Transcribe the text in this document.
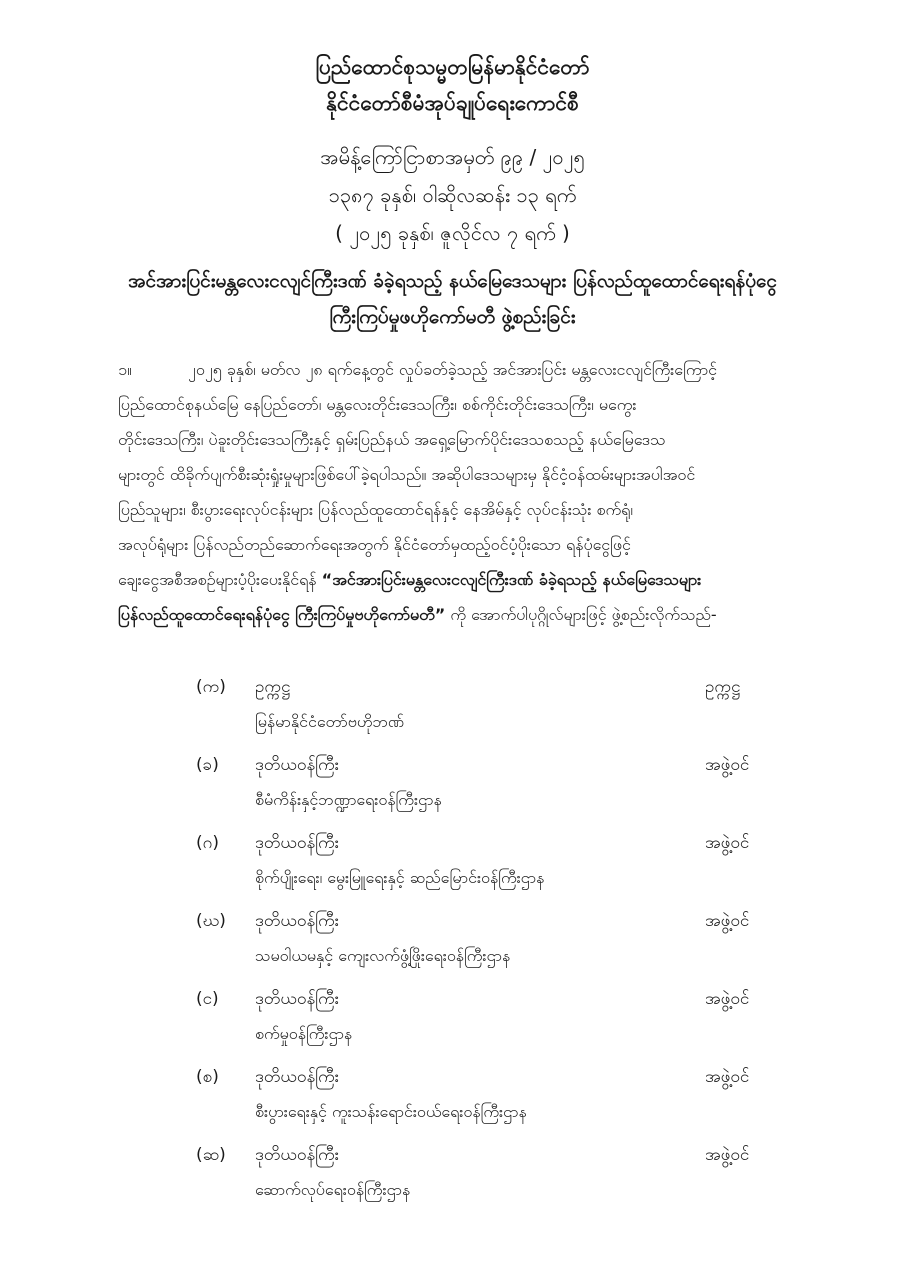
ပြည်ထောင်စုသမ္မတမြန်မာနိုင်ငံတော်
နိုင်ငံတော်စီမံအုပ်ချုပ်ရေးကောင်စီ
အမိန့်ကြော်ငြာစာအမှတ် ၉၉ / ၂၀၂၅
၁၃၈၇ ခုနှစ်၊ ဝါဆိုလဆန်း ၁၃ ရက်
( ၂၀၂၅ ခုနှစ်၊ ဇူလိုင်လ ၇ ရက် )
အင်အားပြင်းမန္တလေးငလျင်ကြီးဒဏ် ခံခဲ့ရသည့် နယ်မြေဒေသများ ပြန်လည်ထူထောင်ရေးရန်ပုံငွေ
ကြီးကြပ်မှုဖဟိုကော်မတီ ဖွဲ့စည်းခြင်း
၁။	၂၀၂၅ ခုနှစ်၊ မတ်လ ၂၈ ရက်နေ့တွင် လှုပ်ခတ်ခဲ့သည့် အင်အားပြင်း မန္တလေးငလျင်ကြီးကြောင့်
ပြည်ထောင်စုနယ်မြေ နေပြည်တော်၊ မန္တလေးတိုင်းဒေသကြီး၊ စစ်ကိုင်းတိုင်းဒေသကြီး၊ မကွေး
တိုင်းဒေသကြီး၊ ပဲခူးတိုင်းဒေသကြီးနှင့် ရှမ်းပြည်နယ် အရှေ့မြောက်ပိုင်းဒေသစသည့် နယ်မြေဒေသ
များတွင် ထိခိုက်ပျက်စီးဆုံးရှုံးမှုများဖြစ်ပေါ်ခဲ့ရပါသည်။ အဆိုပါဒေသများမှ နိုင်ငံ့ဝန်ထမ်းများအပါအဝင်
ပြည်သူများ၊ စီးပွားရေးလုပ်ငန်းများ ပြန်လည်ထူထောင်ရန်နှင့် နေအိမ်နှင့် လုပ်ငန်းသုံး စက်ရုံ၊
အလုပ်ရုံများ ပြန်လည်တည်ဆောက်ရေးအတွက် နိုင်ငံတော်မှထည့်ဝင်ပံ့ပိုးသော ရန်ပုံငွေဖြင့်
ချေးငွေအစီအစဉ်များပံ့ပိုးပေးနိုင်ရန် “အင်အားပြင်းမန္တလေးငလျင်ကြီးဒဏ် ခံခဲ့ရသည့် နယ်မြေဒေသများ
ပြန်လည်ထူထောင်ရေးရန်ပုံငွေ ကြီးကြပ်မှုဗဟိုကော်မတီ” ကို အောက်ပါပုဂ္ဂိုလ်များဖြင့် ဖွဲ့စည်းလိုက်သည်-
(က) ဥက္ကဋ္ဌ	ဥက္ကဋ္ဌ
မြန်မာနိုင်ငံတော်ဗဟိုဘဏ်
(ခ) ဒုတိယဝန်ကြီး	အဖွဲ့ဝင်
စီမံကိန်းနှင့်ဘဏ္ဍာရေးဝန်ကြီးဌာန
(ဂ) ဒုတိယဝန်ကြီး	အဖွဲ့ဝင်
စိုက်ပျိုးရေး၊ မွေးမြူရေးနှင့် ဆည်မြောင်းဝန်ကြီးဌာန
(ဃ) ဒုတိယဝန်ကြီး	အဖွဲ့ဝင်
သမဝါယမနှင့် ကျေးလက်ဖွံ့ဖြိုးရေးဝန်ကြီးဌာန
(င) ဒုတိယဝန်ကြီး	အဖွဲ့ဝင်
စက်မှုဝန်ကြီးဌာန
(စ) ဒုတိယဝန်ကြီး	အဖွဲ့ဝင်
စီးပွားရေးနှင့် ကူးသန်းရောင်းဝယ်ရေးဝန်ကြီးဌာန
(ဆ) ဒုတိယဝန်ကြီး	အဖွဲ့ဝင်
ဆောက်လုပ်ရေးဝန်ကြီးဌာန
